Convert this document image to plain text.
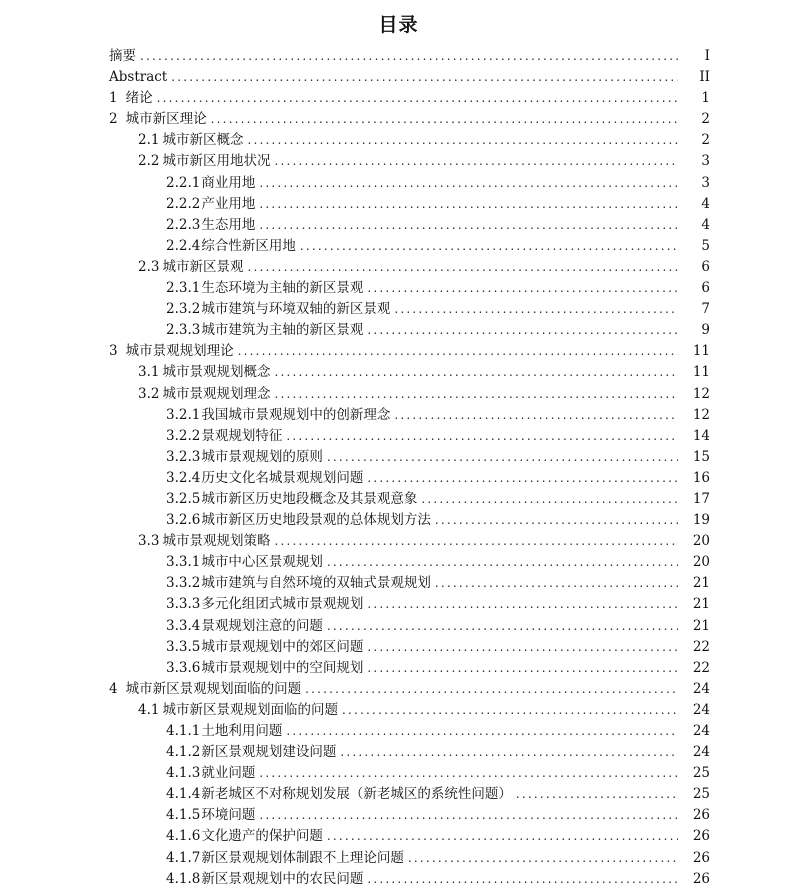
目录
摘要 .....	I
Abstract .....	II
1 绪论 .....	1
2 城市新区理论 .....	2
2.1 城市新区概念 .....	2
2.2 城市新区用地状况 .....	3
2.2.1 商业用地 .....	3
2.2.2 产业用地 .....	4
2.2.3 生态用地 .....	4
2.2.4 综合性新区用地 .....	5
2.3 城市新区景观 .....	6
2.3.1 生态环境为主轴的新区景观 .....	6
2.3.2 城市建筑与环境双轴的新区景观 .....	7
2.3.3 城市建筑为主轴的新区景观 .....	9
3 城市景观规划理论 .....	11
3.1 城市景观规划概念 .....	11
3.2 城市景观规划理念 .....	12
3.2.1 我国城市景观规划中的创新理念 .....	12
3.2.2 景观规划特征 .....	14
3.2.3 城市景观规划的原则 .....	15
3.2.4 历史文化名城景观规划问题 .....	16
3.2.5 城市新区历史地段概念及其景观意象 .....	17
3.2.6 城市新区历史地段景观的总体规划方法 .....	19
3.3 城市景观规划策略 .....	20
3.3.1 城市中心区景观规划 .....	20
3.3.2 城市建筑与自然环境的双轴式景观规划 .....	21
3.3.3 多元化组团式城市景观规划 .....	21
3.3.4 景观规划注意的问题 .....	21
3.3.5 城市景观规划中的郊区问题 .....	22
3.3.6 城市景观规划中的空间规划 .....	22
4 城市新区景观规划面临的问题 .....	24
4.1 城市新区景观规划面临的问题 .....	24
4.1.1 土地利用问题 .....	24
4.1.2 新区景观规划建设问题 .....	24
4.1.3 就业问题 .....	25
4.1.4 新老城区不对称规划发展（新老城区的系统性问题） .....	25
4.1.5 环境问题 .....	26
4.1.6 文化遗产的保护问题 .....	26
4.1.7 新区景观规划体制跟不上理论问题 .....	26
4.1.8 新区景观规划中的农民问题 .....	26
